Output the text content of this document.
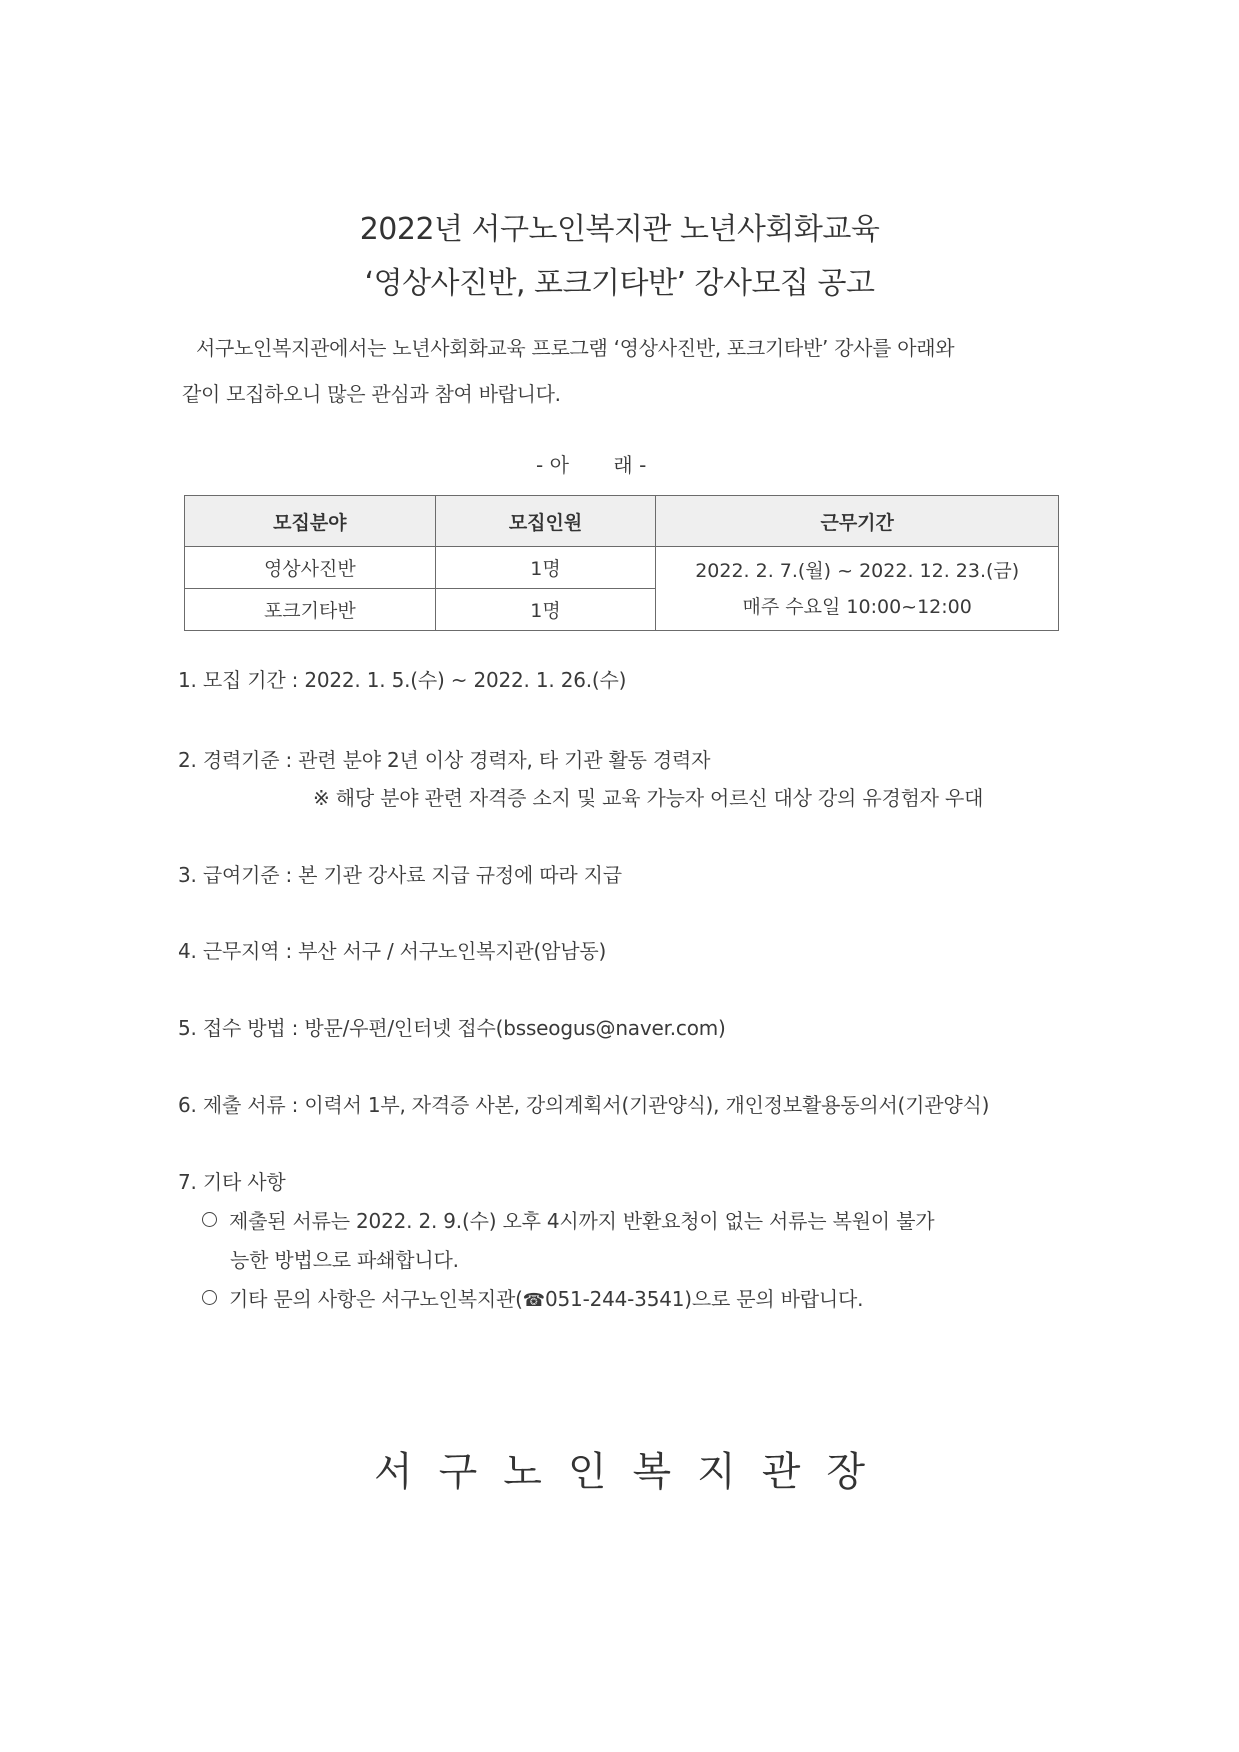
2022년 서구노인복지관 노년사회화교육
‘영상사진반, 포크기타반’ 강사모집 공고
서구노인복지관에서는 노년사회화교육 프로그램 ‘영상사진반, 포크기타반’ 강사를 아래와
같이 모집하오니 많은 관심과 참여 바랍니다.
- 아       래 -
모집분야	모집인원	근무기간
영상사진반	1명	2022. 2. 7.(월) ~ 2022. 12. 23.(금)
매주 수요일 10:00~12:00

포크기타반	1명	
1. 모집 기간 : 2022. 1. 5.(수) ~ 2022. 1. 26.(수)
2. 경력기준 : 관련 분야 2년 이상 경력자, 타 기관 활동 경력자
※ 해당 분야 관련 자격증 소지 및 교육 가능자 어르신 대상 강의 유경험자 우대
3. 급여기준 : 본 기관 강사료 지급 규정에 따라 지급
4. 근무지역 : 부산 서구 / 서구노인복지관(암남동)
5. 접수 방법 : 방문/우편/인터넷 접수(bsseogus@naver.com)
6. 제출 서류 : 이력서 1부, 자격증 사본, 강의계획서(기관양식), 개인정보활용동의서(기관양식)
7. 기타 사항
제출된 서류는 2022. 2. 9.(수) 오후 4시까지 반환요청이 없는 서류는 복원이 불가
능한 방법으로 파쇄합니다.
기타 문의 사항은 서구노인복지관(☎051-244-3541)으로 문의 바랍니다.
서구노인복지관장
